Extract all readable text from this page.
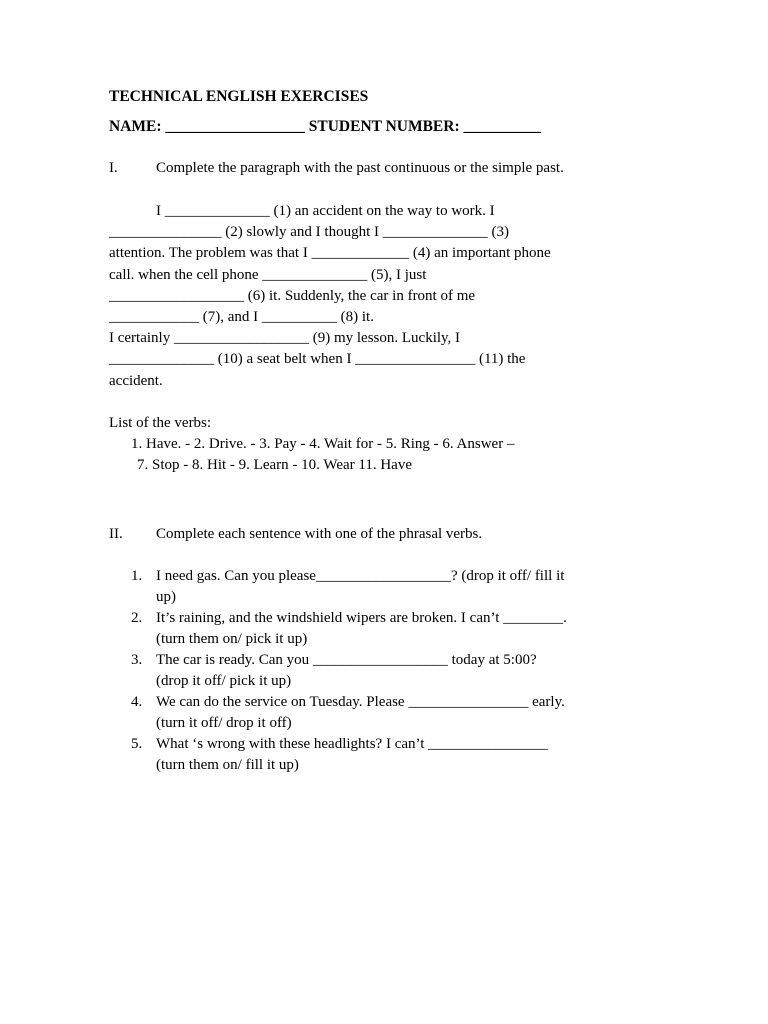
TECHNICAL ENGLISH EXERCISES
NAME: __________________ STUDENT NUMBER: __________
I.	Complete the paragraph with the past continuous or the simple past.
I ______________ (1) an accident on the way to work. I
_______________ (2) slowly and I thought I ______________ (3)
attention. The problem was that I _____________ (4) an important phone
call. when the cell phone ______________ (5), I just
__________________ (6) it. Suddenly, the car in front of me
____________ (7), and I __________ (8) it.
I certainly __________________ (9) my lesson. Luckily, I
______________ (10) a seat belt when I ________________ (11) the
accident.
List of the verbs:
1. Have. - 2. Drive. - 3. Pay - 4. Wait for - 5. Ring - 6. Answer –
7. Stop - 8. Hit - 9. Learn - 10. Wear 11. Have
II.	Complete each sentence with one of the phrasal verbs.
1. I need gas. Can you please__________________? (drop it off/ fill it
up)
2. It’s raining, and the windshield wipers are broken. I can’t ________.
(turn them on/ pick it up)
3. The car is ready. Can you __________________ today at 5:00?
(drop it off/ pick it up)
4. We can do the service on Tuesday. Please ________________ early.
(turn it off/ drop it off)
5. What ‘s wrong with these headlights? I can’t ________________
(turn them on/ fill it up)
